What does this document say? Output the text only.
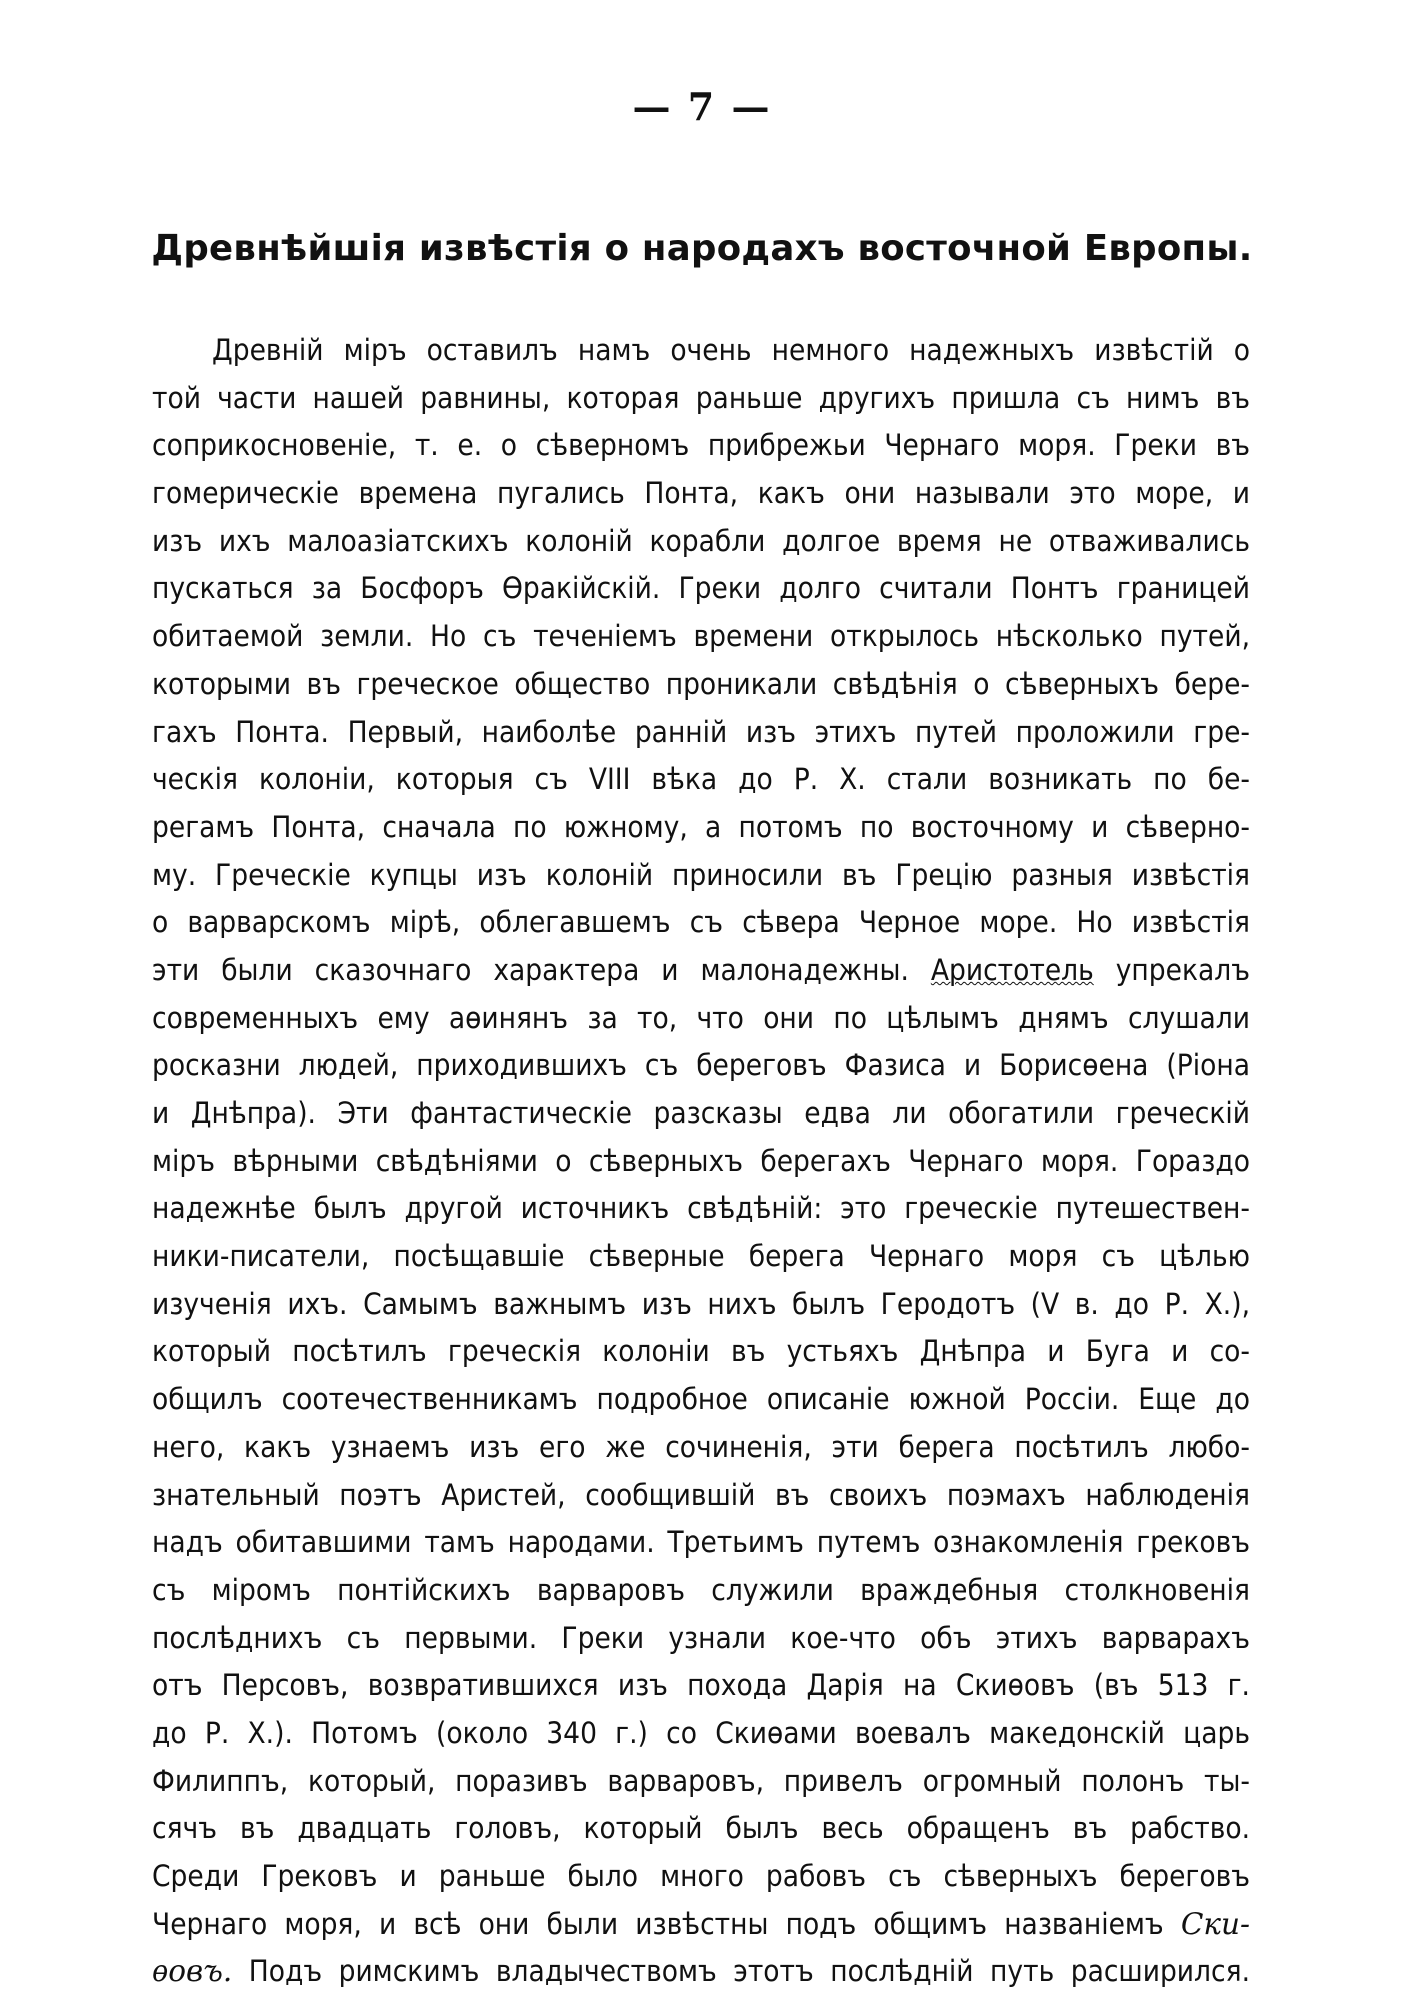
— 7 —
Древнѣйшія извѣстія о народахъ восточной Европы.
Древній міръ оставилъ намъ очень немного надежныхъ извѣстій о
той части нашей равнины, которая раньше другихъ пришла съ нимъ въ
соприкосновеніе, т. е. о сѣверномъ прибрежьи Чернаго моря. Греки въ
гомерическіе времена пугались Понта, какъ они называли это море, и
изъ ихъ малоазіатскихъ колоній корабли долгое время не отваживались
пускаться за Босфоръ Ѳракійскій. Греки долго считали Понтъ границей
обитаемой земли. Но съ теченіемъ времени открылось нѣсколько путей,
которыми въ греческое общество проникали свѣдѣнія о сѣверныхъ бере-
гахъ Понта. Первый, наиболѣе ранній изъ этихъ путей проложили гре-
ческія колоніи, которыя съ VIII вѣка до Р. Х. стали возникать по бе-
регамъ Понта, сначала по южному, а потомъ по восточному и сѣверно-
му. Греческіе купцы изъ колоній приносили въ Грецію разныя извѣстія
о варварскомъ мірѣ, облегавшемъ съ сѣвера Черное море. Но извѣстія
эти были сказочнаго характера и малонадежны. Аристотель упрекалъ
современныхъ ему аѳинянъ за то, что они по цѣлымъ днямъ слушали
росказни людей, приходившихъ съ береговъ Фазиса и Борисѳена (Ріона
и Днѣпра). Эти фантастическіе разсказы едва ли обогатили греческій
міръ вѣрными свѣдѣніями о сѣверныхъ берегахъ Чернаго моря. Гораздо
надежнѣе былъ другой источникъ свѣдѣній: это греческіе путешествен-
ники-писатели, посѣщавшіе сѣверные берега Чернаго моря съ цѣлью
изученія ихъ. Самымъ важнымъ изъ нихъ былъ Геродотъ (V в. до Р. Х.),
который посѣтилъ греческія колоніи въ устьяхъ Днѣпра и Буга и со-
общилъ соотечественникамъ подробное описаніе южной Россіи. Еще до
него, какъ узнаемъ изъ его же сочиненія, эти берега посѣтилъ любо-
знательный поэтъ Аристей, сообщившій въ своихъ поэмахъ наблюденія
надъ обитавшими тамъ народами. Третьимъ путемъ ознакомленія грековъ
съ міромъ понтійскихъ варваровъ служили враждебныя столкновенія
послѣднихъ съ первыми. Греки узнали кое-что объ этихъ варварахъ
отъ Персовъ, возвратившихся изъ похода Дарія на Скиѳовъ (въ 513 г.
до Р. Х.). Потомъ (около 340 г.) со Скиѳами воевалъ македонскій царь
Филиппъ, который, поразивъ варваровъ, привелъ огромный полонъ ты-
сячъ въ двадцать головъ, который былъ весь обращенъ въ рабство.
Среди Грековъ и раньше было много рабовъ съ сѣверныхъ береговъ
Чернаго моря, и всѣ они были извѣстны подъ общимъ названіемъ Ски-
ѳовъ. Подъ римскимъ владычествомъ этотъ послѣдній путь расширился.
